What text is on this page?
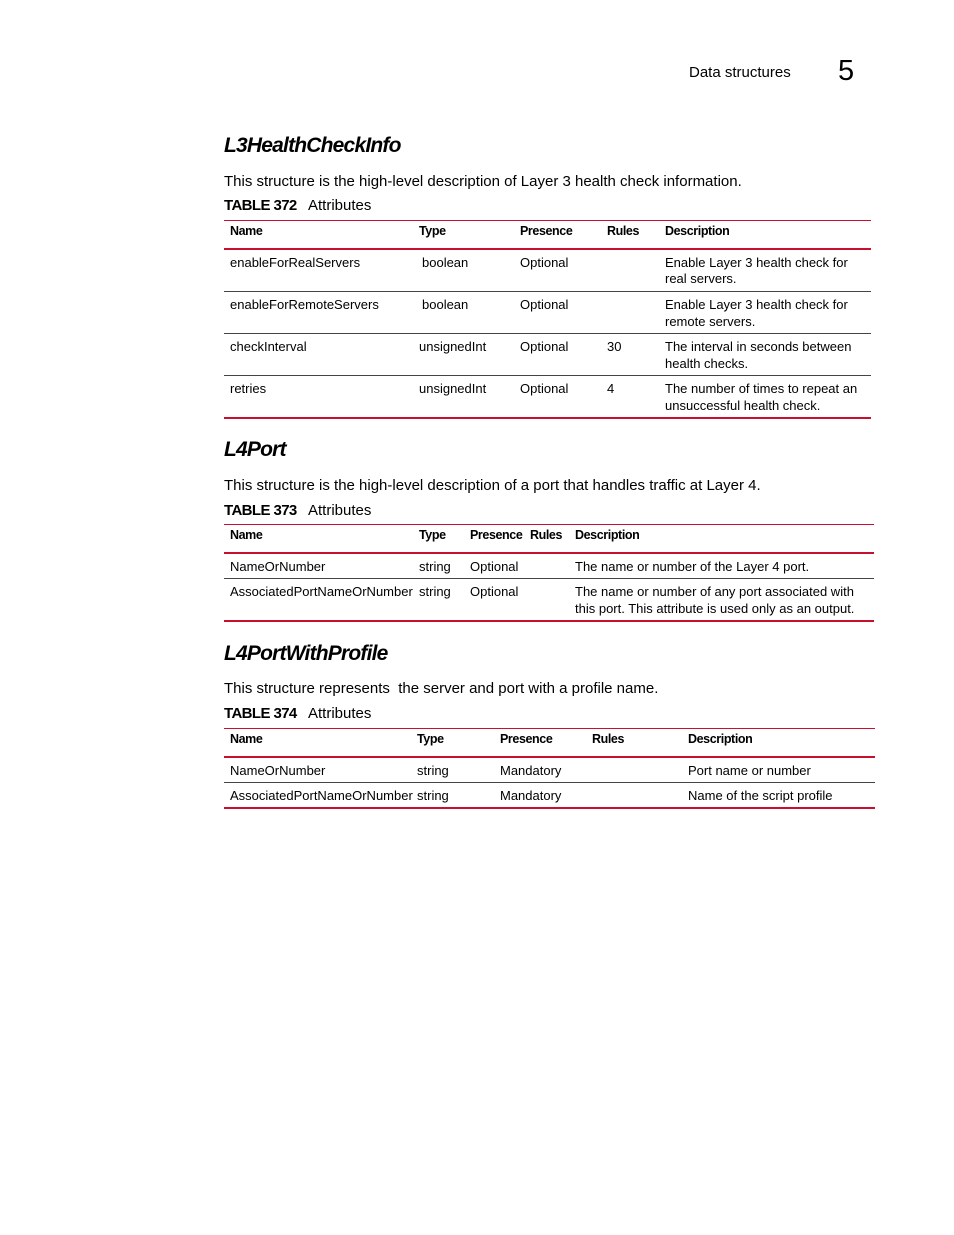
Data structures 5
L3HealthCheckInfo
This structure is the high-level description of Layer 3 health check information.
TABLE 372 Attributes
Name	Type	Presence	Rules	Description
enableForRealServers	boolean	Optional		Enable Layer 3 health check for real servers.
enableForRemoteServers	boolean	Optional		Enable Layer 3 health check for remote servers.
checkInterval	unsignedInt	Optional	30	The interval in seconds between health checks.
retries	unsignedInt	Optional	4	The number of times to repeat an unsuccessful health check.
L4Port
This structure is the high-level description of a port that handles traffic at Layer 4.
TABLE 373 Attributes
Name	Type	Presence	Rules	Description
NameOrNumber	string	Optional		The name or number of the Layer 4 port.
AssociatedPortNameOrNumber	string	Optional		The name or number of any port associated with this port. This attribute is used only as an output.
L4PortWithProfile
This structure represents  the server and port with a profile name.
TABLE 374 Attributes
Name	Type	Presence	Rules	Description
NameOrNumber	string	Mandatory		Port name or number
AssociatedPortNameOrNumber	string	Mandatory		Name of the script profile
